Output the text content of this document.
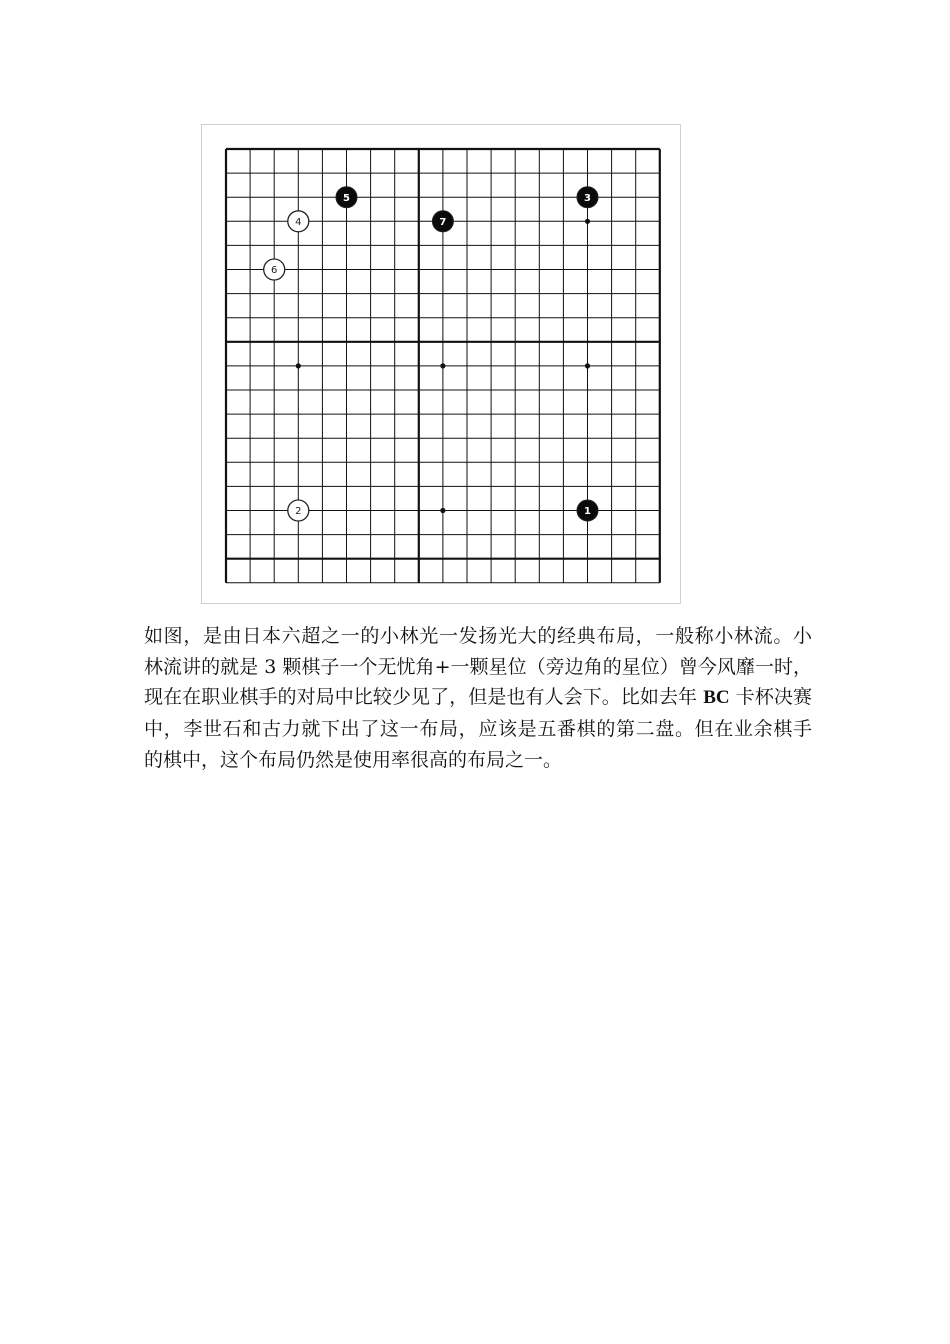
1
2
3
4
5
6
7
如图，是由日本六超之一的小林光一发扬光大的经典布局，一般称小林流。小
林流讲的就是 3 颗棋子一个无忧角+一颗星位（旁边角的星位）曾今风靡一时，
现在在职业棋手的对局中比较少见了，但是也有人会下。比如去年 BC 卡杯决赛
中，李世石和古力就下出了这一布局，应该是五番棋的第二盘。但在业余棋手
的棋中，这个布局仍然是使用率很高的布局之一。
